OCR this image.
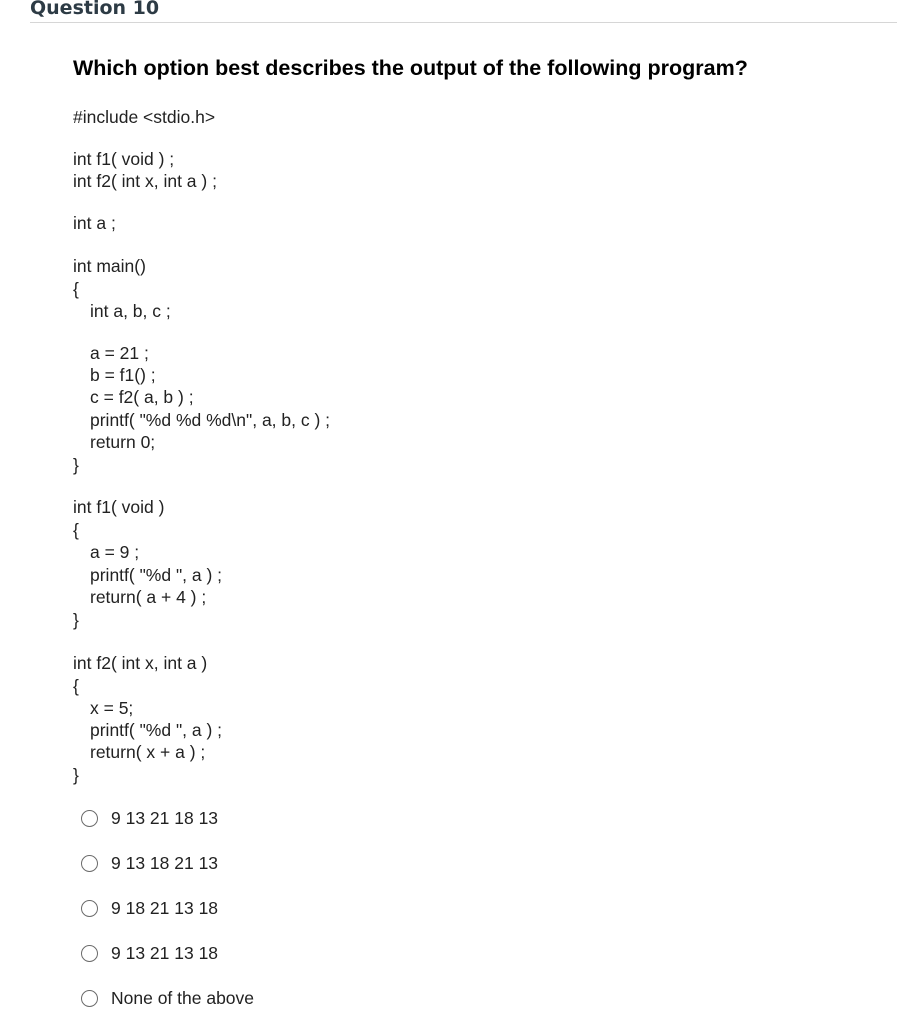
Question 10
Which option best describes the output of the following program?
#include <stdio.h>
int f1( void ) ;
int f2( int x, int a ) ;
int a ;
int main()
{
int a, b, c ;
a = 21 ;
b = f1() ;
c = f2( a, b ) ;
printf( "%d %d %d\n", a, b, c ) ;
return 0;
}
int f1( void )
{
a = 9 ;
printf( "%d ", a ) ;
return( a + 4 ) ;
}
int f2( int x, int a )
{
x = 5;
printf( "%d ", a ) ;
return( x + a ) ;
}
9 13 21 18 13
9 13 18 21 13
9 18 21 13 18
9 13 21 13 18
None of the above
